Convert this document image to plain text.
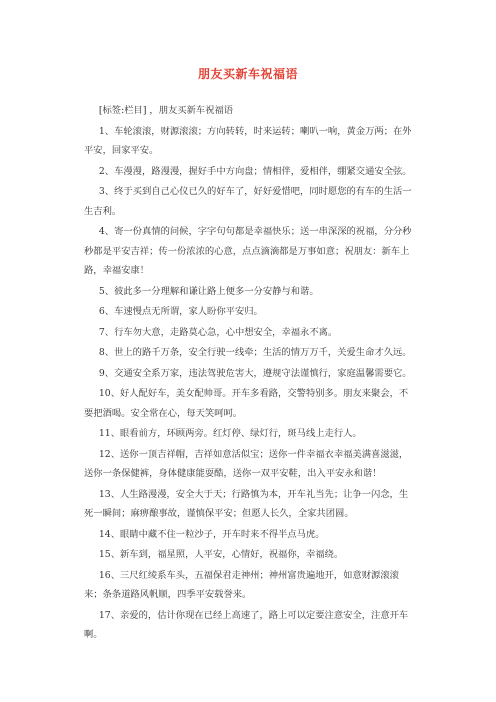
朋友买新车祝福语

[标签:栏目] ，朋友买新车祝福语

1、车轮滚滚，财源滚滚；方向转转，时来运转；喇叭一响，黄金万两；在外平安，回家平安。

2、车漫漫，路漫漫，握好手中方向盘；情相伴，爱相伴，绷紧交通安全弦。

3、终于买到自己心仪已久的好车了，好好爱惜吧，同时愿您的有车的生活一生吉利。

4、寄一份真情的问候，字字句句都是幸福快乐；送一串深深的祝福，分分秒秒都是平安吉祥；传一份浓浓的心意，点点滴滴都是万事如意；祝朋友：新车上路，幸福安康！

5、彼此多一分理解和谦让路上便多一分安静与和谐。

6、车速慢点无所谓，家人盼你平安归。

7、行车勿大意，走路莫心急，心中想安全，幸福永不离。

8、世上的路千万条，安全行驶一线牵；生活的情万万千，关爱生命才久远。

9、交通安全系万家，违法驾驶危害大，遵规守法谨慎行，家庭温馨需要它。

10、好人配好车，美女配帅哥。开车多看路，交警特别多。朋友来聚会，不要把酒喝。安全常在心，每天笑呵呵。

11、眼看前方，环顾两旁。红灯停、绿灯行，斑马线上走行人。

12、送你一顶吉祥帽，吉祥如意活似宝；送你一件幸福衣幸福美满喜滋滋，送你一条保健裤，身体健康能耍酷，送你一双平安鞋，出入平安永和谐！

13、人生路漫漫，安全大于天；行路慎为本，开车礼当先；让争一闪念，生死一瞬间；麻痹酿事故，谨慎保平安；但愿人长久，全家共团圆。

14、眼睛中藏不住一粒沙子，开车时来不得半点马虎。

15、新车到，福星照，人平安，心情好，祝福你，幸福绕。

16、三尺红绫系车头，五福保君走神州；神州富贵遍地开，如意财源滚滚来；条条道路风帆顺，四季平安载誉来。

17、亲爱的，估计你现在已经上高速了，路上可以定要注意安全，注意开车啊。
